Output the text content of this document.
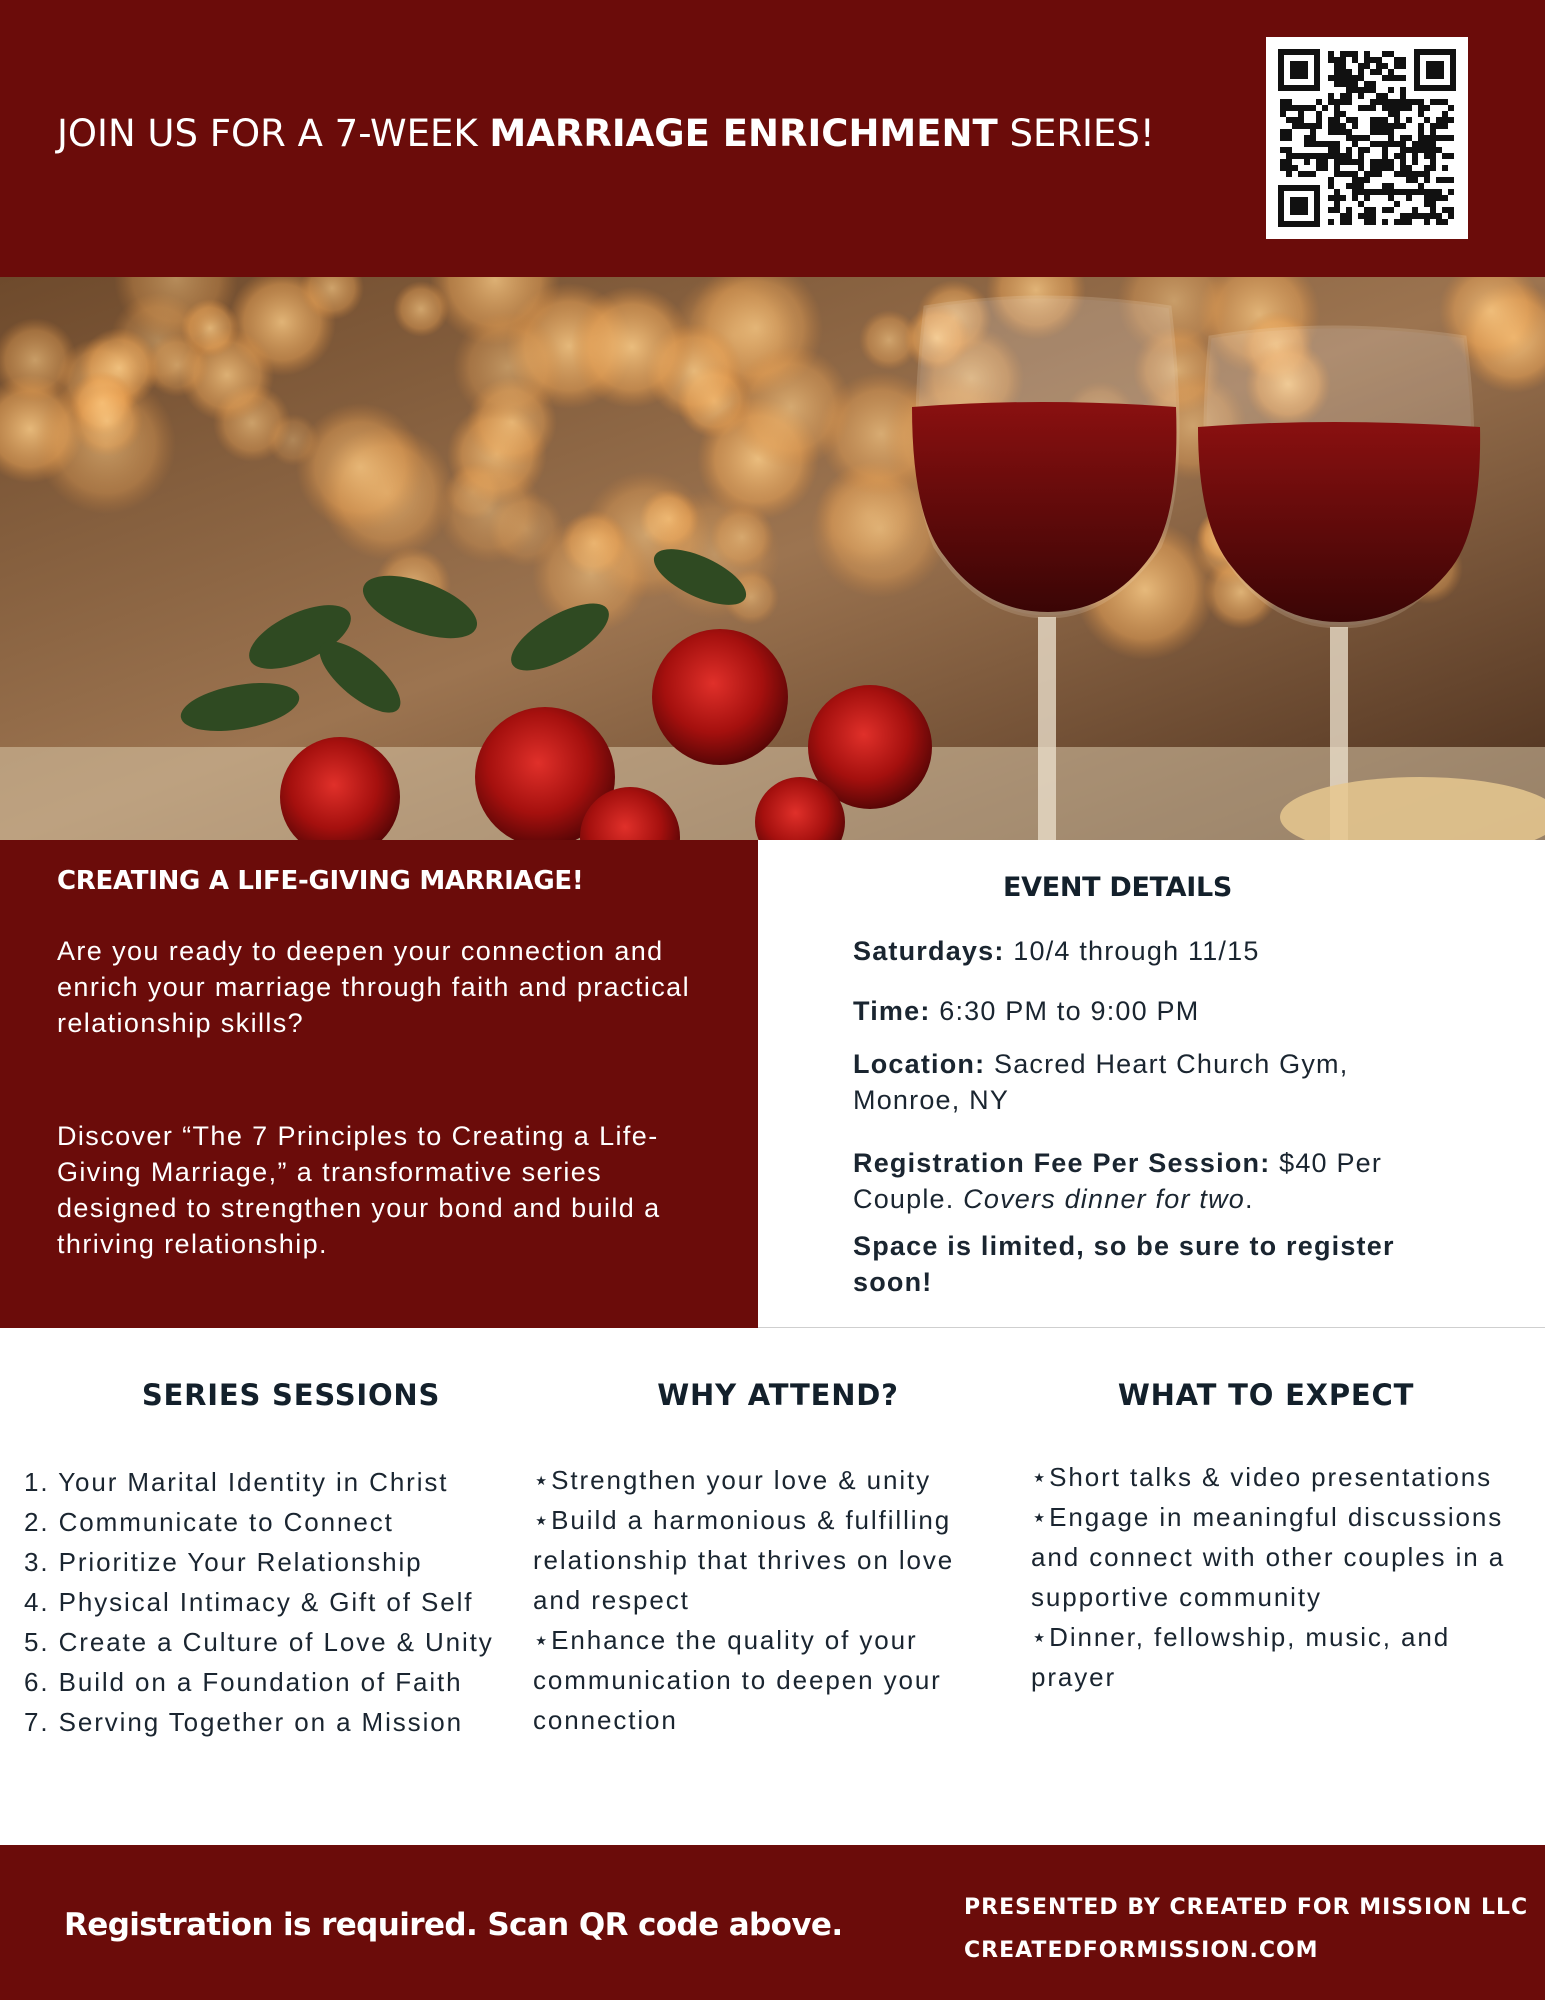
JOIN US FOR A 7-WEEK MARRIAGE ENRICHMENT SERIES!
CREATING A LIFE-GIVING MARRIAGE!
Are you ready to deepen your connection and enrich your marriage through faith and practical relationship skills?
Discover “The 7 Principles to Creating a Life-Giving Marriage,” a transformative series designed to strengthen your bond and build a thriving relationship.
EVENT DETAILS
Saturdays: 10/4 through 11/15
Time: 6:30 PM to 9:00 PM
Location: Sacred Heart Church Gym, Monroe, NY
Registration Fee Per Session: $40 Per Couple. Covers dinner for two.
Space is limited, so be sure to register soon!
SERIES SESSIONS	WHY ATTEND?	WHAT TO EXPECT
1. Your Marital Identity in Christ
2. Communicate to Connect
3. Prioritize Your Relationship
4. Physical Intimacy & Gift of Self
5. Create a Culture of Love & Unity
6. Build on a Foundation of Faith
7. Serving Together on a Mission
⋆Strengthen your love & unity
⋆Build a harmonious & fulfilling relationship that thrives on love and respect
⋆Enhance the quality of your communication to deepen your connection
⋆Short talks & video presentations
⋆Engage in meaningful discussions and connect with other couples in a supportive community
⋆Dinner, fellowship, music, and prayer
Registration is required. Scan QR code above.	PRESENTED BY CREATED FOR MISSION LLC
CREATEDFORMISSION.COM
